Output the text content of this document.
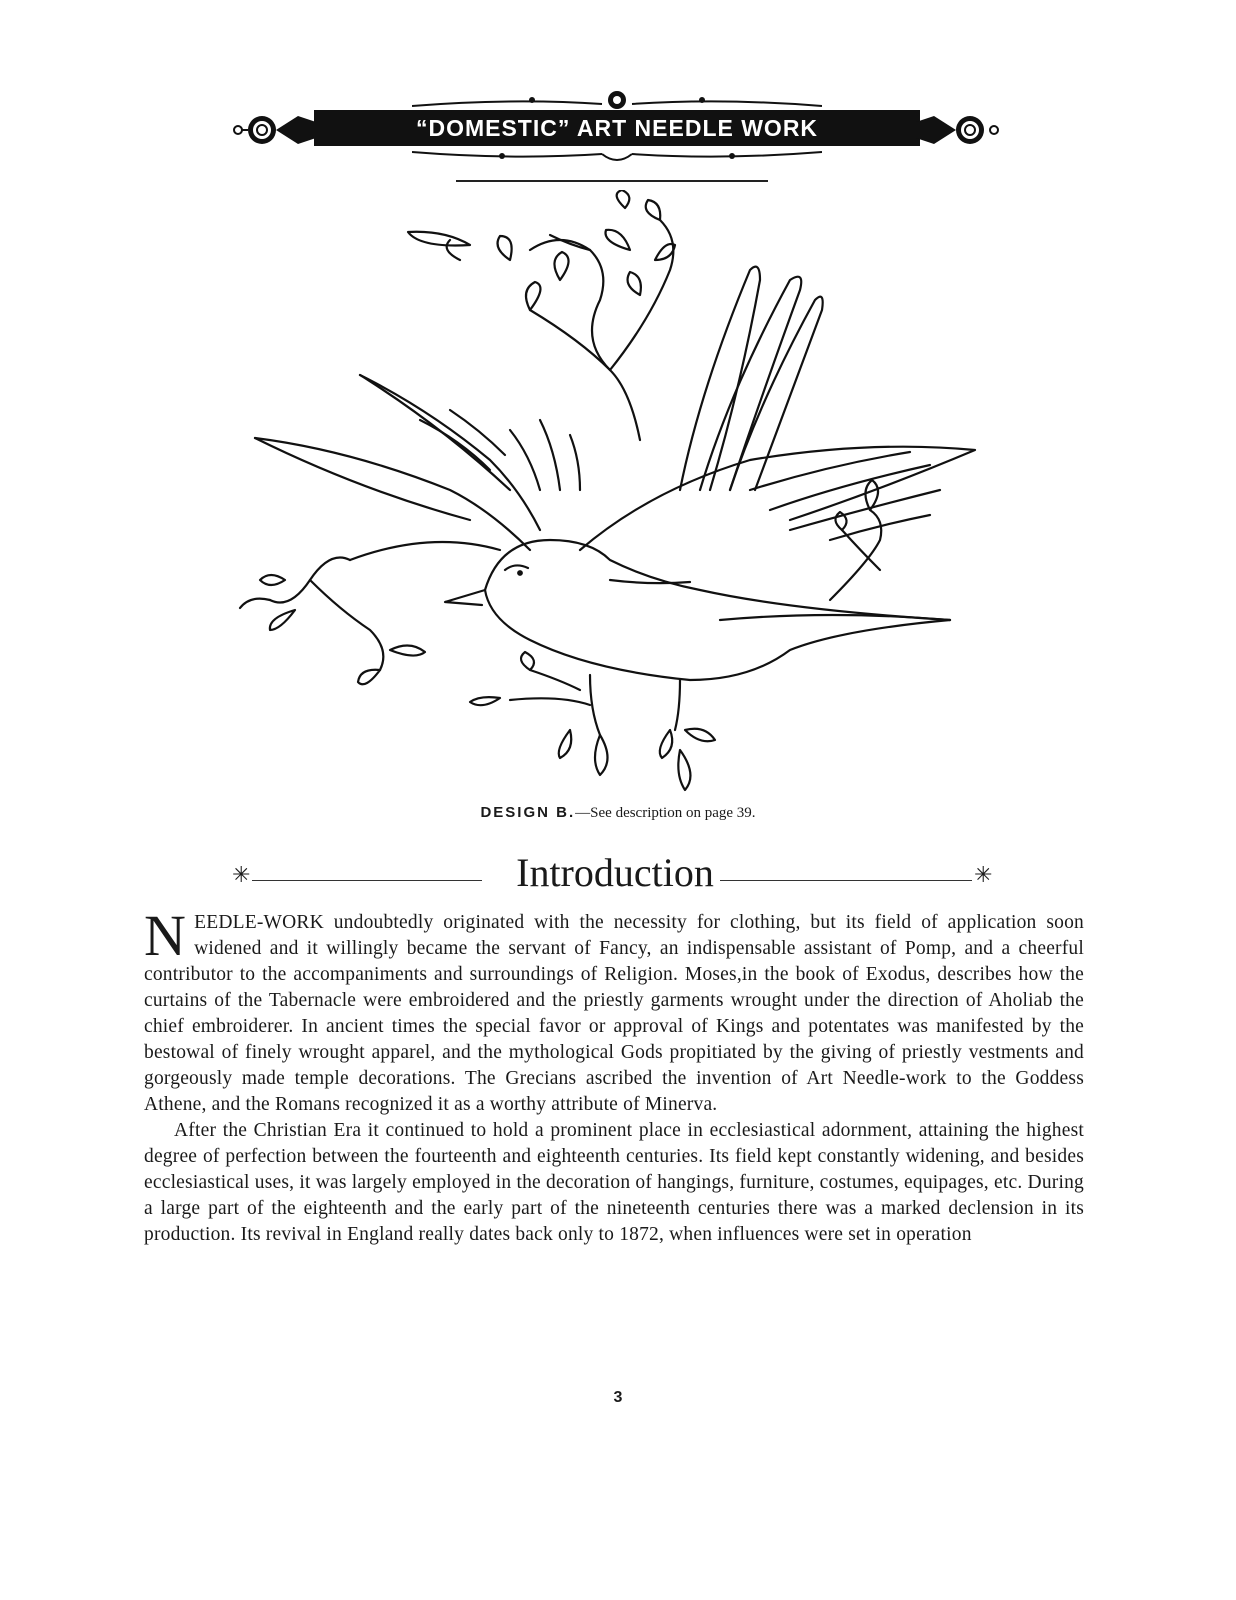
“DOMESTIC” ART NEEDLE WORK
DESIGN B.—See description on page 39.
✳	Introduction	✳

NEEDLE-WORK undoubtedly originated with the necessity for clothing, but its field of application soon widened and it willingly became the servant of Fancy, an indispensable assistant of Pomp, and a cheerful contributor to the accompaniments and surroundings of Religion. Moses,in the book of Exodus, describes how the curtains of the Tabernacle were embroidered and the priestly garments wrought under the direction of Aholiab the chief embroiderer. In ancient times the special favor or approval of Kings and potentates was manifested by the bestowal of finely wrought apparel, and the mythological Gods propitiated by the giving of priestly vestments and gorgeously made temple decorations. The Grecians ascribed the invention of Art Needle-work to the Goddess Athene, and the Romans recognized it as a worthy attribute of Minerva.

After the Christian Era it continued to hold a prominent place in ecclesiastical adornment, attaining the highest degree of perfection between the fourteenth and eighteenth centuries. Its field kept constantly widening, and besides ecclesiastical uses, it was largely employed in the decoration of hangings, furniture, costumes, equipages, etc. During a large part of the eighteenth and the early part of the nineteenth centuries there was a marked declension in its production. Its revival in England really dates back only to 1872, when influences were set in operation

3
